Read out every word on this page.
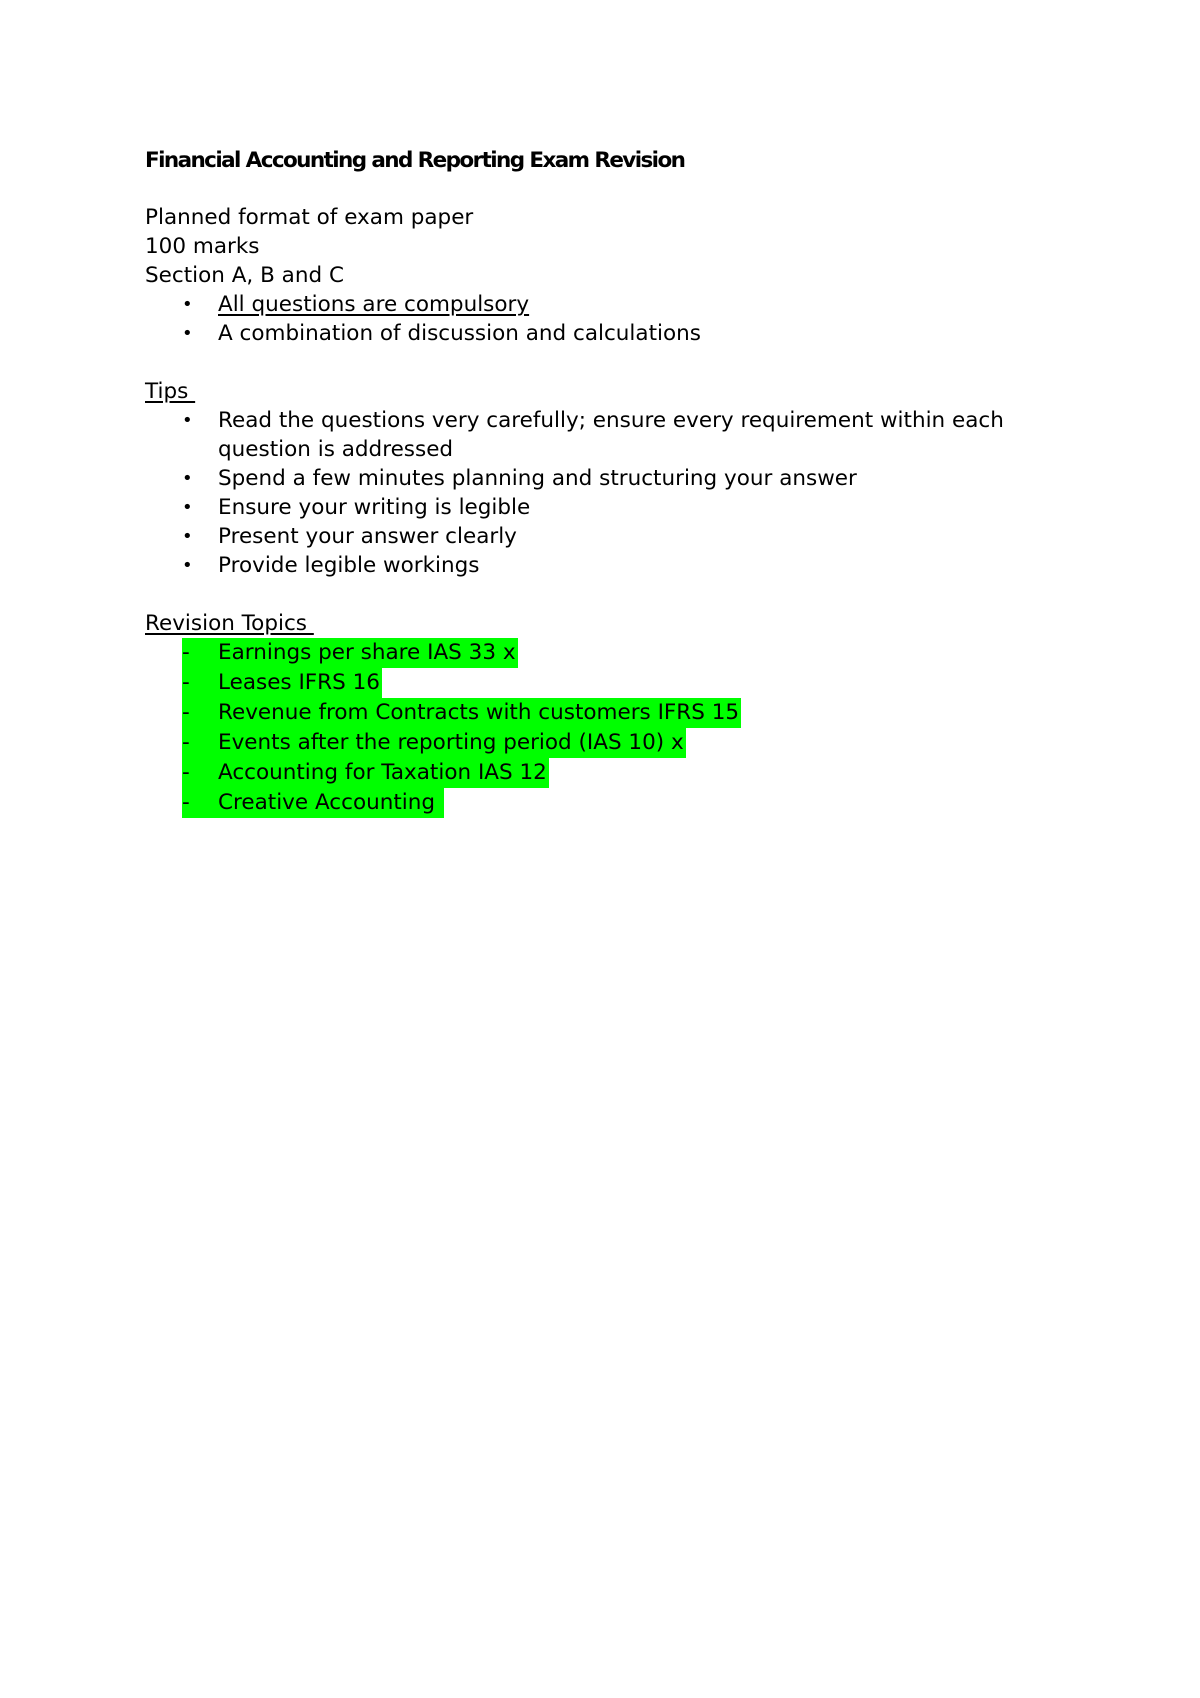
Financial Accounting and Reporting Exam Revision

Planned format of exam paper

100 marks

Section A, B and C

• All questions are compulsory
• A combination of discussion and calculations

Tips

• Read the questions very carefully; ensure every requirement within each question is addressed
• Spend a few minutes planning and structuring your answer
• Ensure your writing is legible
• Present your answer clearly
• Provide legible workings

Revision Topics

- Earnings per share IAS 33 x
- Leases IFRS 16
- Revenue from Contracts with customers IFRS 15
- Events after the reporting period (IAS 10) x
- Accounting for Taxation IAS 12
- Creative Accounting
